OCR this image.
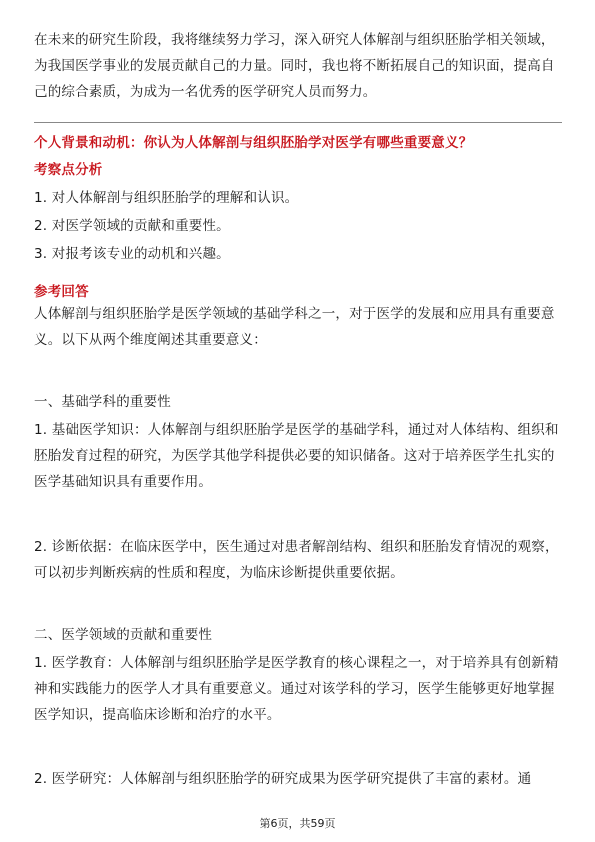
在未来的研究生阶段，我将继续努力学习，深入研究人体解剖与组织胚胎学相关领域，为我国医学事业的发展贡献自己的力量。同时，我也将不断拓展自己的知识面，提高自己的综合素质，为成为一名优秀的医学研究人员而努力。

个人背景和动机：你认为人体解剖与组织胚胎学对医学有哪些重要意义？

考察点分析

1. 对人体解剖与组织胚胎学的理解和认识。

2. 对医学领域的贡献和重要性。

3. 对报考该专业的动机和兴趣。

参考回答

人体解剖与组织胚胎学是医学领域的基础学科之一，对于医学的发展和应用具有重要意义。以下从两个维度阐述其重要意义：

一、基础学科的重要性

1. 基础医学知识：人体解剖与组织胚胎学是医学的基础学科，通过对人体结构、组织和胚胎发育过程的研究，为医学其他学科提供必要的知识储备。这对于培养医学生扎实的医学基础知识具有重要作用。

2. 诊断依据：在临床医学中，医生通过对患者解剖结构、组织和胚胎发育情况的观察，可以初步判断疾病的性质和程度，为临床诊断提供重要依据。

二、医学领域的贡献和重要性

1. 医学教育：人体解剖与组织胚胎学是医学教育的核心课程之一，对于培养具有创新精神和实践能力的医学人才具有重要意义。通过对该学科的学习，医学生能够更好地掌握医学知识，提高临床诊断和治疗的水平。

2. 医学研究：人体解剖与组织胚胎学的研究成果为医学研究提供了丰富的素材。通

第6页，共59页
